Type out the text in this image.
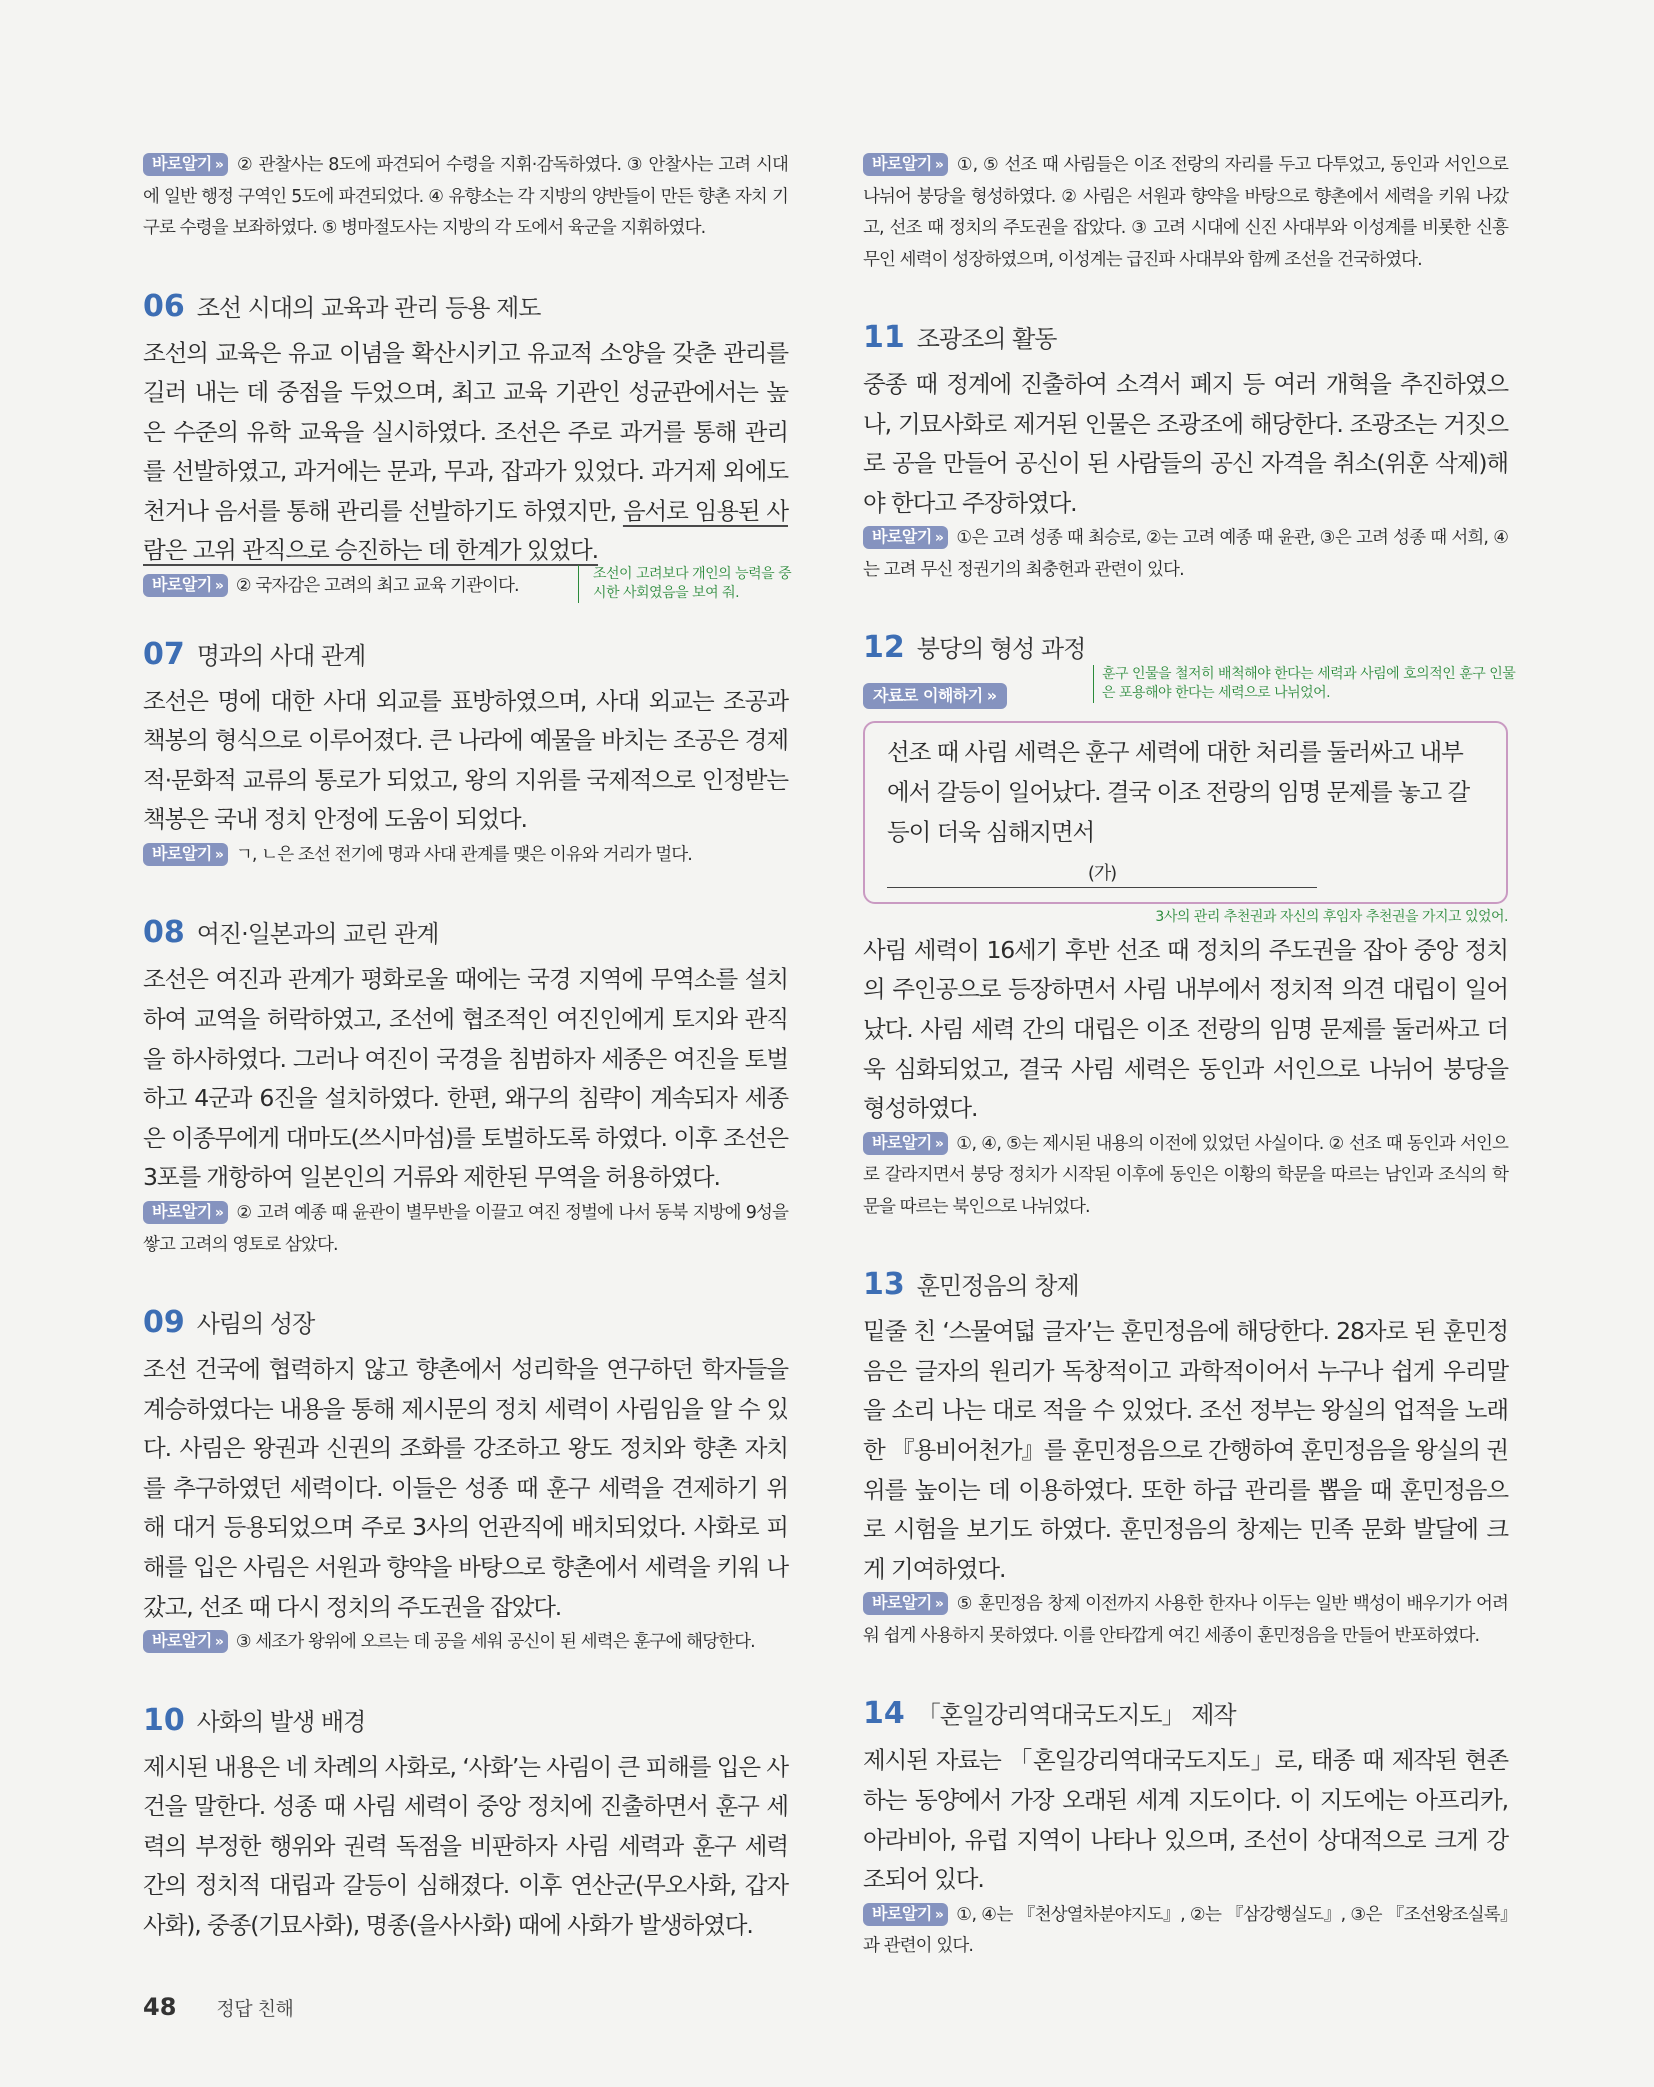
바로알기 » ② 관찰사는 8도에 파견되어 수령을 지휘·감독하였다. ③ 안찰사는 고려 시대에 일반 행정 구역인 5도에 파견되었다. ④ 유향소는 각 지방의 양반들이 만든 향촌 자치 기구로 수령을 보좌하였다. ⑤ 병마절도사는 지방의 각 도에서 육군을 지휘하였다.

06 조선 시대의 교육과 관리 등용 제도

조선의 교육은 유교 이념을 확산시키고 유교적 소양을 갖춘 관리를 길러 내는 데 중점을 두었으며, 최고 교육 기관인 성균관에서는 높은 수준의 유학 교육을 실시하였다. 조선은 주로 과거를 통해 관리를 선발하였고, 과거에는 문과, 무과, 잡과가 있었다. 과거제 외에도 천거나 음서를 통해 관리를 선발하기도 하였지만, 음서로 임용된 사람은 고위 관직으로 승진하는 데 한계가 있었다.

바로알기 » ② 국자감은 고려의 최고 교육 기관이다.

조선이 고려보다 개인의 능력을 중시한 사회였음을 보여 줘.
07 명과의 사대 관계

조선은 명에 대한 사대 외교를 표방하였으며, 사대 외교는 조공과 책봉의 형식으로 이루어졌다. 큰 나라에 예물을 바치는 조공은 경제적·문화적 교류의 통로가 되었고, 왕의 지위를 국제적으로 인정받는 책봉은 국내 정치 안정에 도움이 되었다.

바로알기 » ㄱ, ㄴ은 조선 전기에 명과 사대 관계를 맺은 이유와 거리가 멀다.

08 여진·일본과의 교린 관계

조선은 여진과 관계가 평화로울 때에는 국경 지역에 무역소를 설치하여 교역을 허락하였고, 조선에 협조적인 여진인에게 토지와 관직을 하사하였다. 그러나 여진이 국경을 침범하자 세종은 여진을 토벌하고 4군과 6진을 설치하였다. 한편, 왜구의 침략이 계속되자 세종은 이종무에게 대마도(쓰시마섬)를 토벌하도록 하였다. 이후 조선은 3포를 개항하여 일본인의 거류와 제한된 무역을 허용하였다.

바로알기 » ② 고려 예종 때 윤관이 별무반을 이끌고 여진 정벌에 나서 동북 지방에 9성을 쌓고 고려의 영토로 삼았다.

09 사림의 성장

조선 건국에 협력하지 않고 향촌에서 성리학을 연구하던 학자들을 계승하였다는 내용을 통해 제시문의 정치 세력이 사림임을 알 수 있다. 사림은 왕권과 신권의 조화를 강조하고 왕도 정치와 향촌 자치를 추구하였던 세력이다. 이들은 성종 때 훈구 세력을 견제하기 위해 대거 등용되었으며 주로 3사의 언관직에 배치되었다. 사화로 피해를 입은 사림은 서원과 향약을 바탕으로 향촌에서 세력을 키워 나갔고, 선조 때 다시 정치의 주도권을 잡았다.

바로알기 » ③ 세조가 왕위에 오르는 데 공을 세워 공신이 된 세력은 훈구에 해당한다.

10 사화의 발생 배경

제시된 내용은 네 차례의 사화로, ‘사화’는 사림이 큰 피해를 입은 사건을 말한다. 성종 때 사림 세력이 중앙 정치에 진출하면서 훈구 세력의 부정한 행위와 권력 독점을 비판하자 사림 세력과 훈구 세력 간의 정치적 대립과 갈등이 심해졌다. 이후 연산군(무오사화, 갑자사화), 중종(기묘사화), 명종(을사사화) 때에 사화가 발생하였다.

바로알기 » ①, ⑤ 선조 때 사림들은 이조 전랑의 자리를 두고 다투었고, 동인과 서인으로 나뉘어 붕당을 형성하였다. ② 사림은 서원과 향약을 바탕으로 향촌에서 세력을 키워 나갔고, 선조 때 정치의 주도권을 잡았다. ③ 고려 시대에 신진 사대부와 이성계를 비롯한 신흥 무인 세력이 성장하였으며, 이성계는 급진파 사대부와 함께 조선을 건국하였다.

11 조광조의 활동

중종 때 정계에 진출하여 소격서 폐지 등 여러 개혁을 추진하였으나, 기묘사화로 제거된 인물은 조광조에 해당한다. 조광조는 거짓으로 공을 만들어 공신이 된 사람들의 공신 자격을 취소(위훈 삭제)해야 한다고 주장하였다.

바로알기 » ①은 고려 성종 때 최승로, ②는 고려 예종 때 윤관, ③은 고려 성종 때 서희, ④는 고려 무신 정권기의 최충헌과 관련이 있다.

12 붕당의 형성 과정
자료로 이해하기 »
훈구 인물을 철저히 배척해야 한다는 세력과 사림에 호의적인 훈구 인물은 포용해야 한다는 세력으로 나뉘었어.
선조 때 사림 세력은 훈구 세력에 대한 처리를 둘러싸고 내부에서 갈등이 일어났다. 결국 이조 전랑의 임명 문제를 놓고 갈등이 더욱 심해지면서 (가)
3사의 관리 추천권과 자신의 후임자 추천권을 가지고 있었어.

사림 세력이 16세기 후반 선조 때 정치의 주도권을 잡아 중앙 정치의 주인공으로 등장하면서 사림 내부에서 정치적 의견 대립이 일어났다. 사림 세력 간의 대립은 이조 전랑의 임명 문제를 둘러싸고 더욱 심화되었고, 결국 사림 세력은 동인과 서인으로 나뉘어 붕당을 형성하였다.

바로알기 » ①, ④, ⑤는 제시된 내용의 이전에 있었던 사실이다. ② 선조 때 동인과 서인으로 갈라지면서 붕당 정치가 시작된 이후에 동인은 이황의 학문을 따르는 남인과 조식의 학문을 따르는 북인으로 나뉘었다.

13 훈민정음의 창제

밑줄 친 ‘스물여덟 글자’는 훈민정음에 해당한다. 28자로 된 훈민정음은 글자의 원리가 독창적이고 과학적이어서 누구나 쉽게 우리말을 소리 나는 대로 적을 수 있었다. 조선 정부는 왕실의 업적을 노래한 『용비어천가』를 훈민정음으로 간행하여 훈민정음을 왕실의 권위를 높이는 데 이용하였다. 또한 하급 관리를 뽑을 때 훈민정음으로 시험을 보기도 하였다. 훈민정음의 창제는 민족 문화 발달에 크게 기여하였다.

바로알기 » ⑤ 훈민정음 창제 이전까지 사용한 한자나 이두는 일반 백성이 배우기가 어려워 쉽게 사용하지 못하였다. 이를 안타깝게 여긴 세종이 훈민정음을 만들어 반포하였다.

14 「혼일강리역대국도지도」 제작

제시된 자료는 「혼일강리역대국도지도」로, 태종 때 제작된 현존하는 동양에서 가장 오래된 세계 지도이다. 이 지도에는 아프리카, 아라비아, 유럽 지역이 나타나 있으며, 조선이 상대적으로 크게 강조되어 있다.

바로알기 » ①, ④는 『천상열차분야지도』, ②는 『삼강행실도』, ③은 『조선왕조실록』과 관련이 있다.

48 정답 친해
